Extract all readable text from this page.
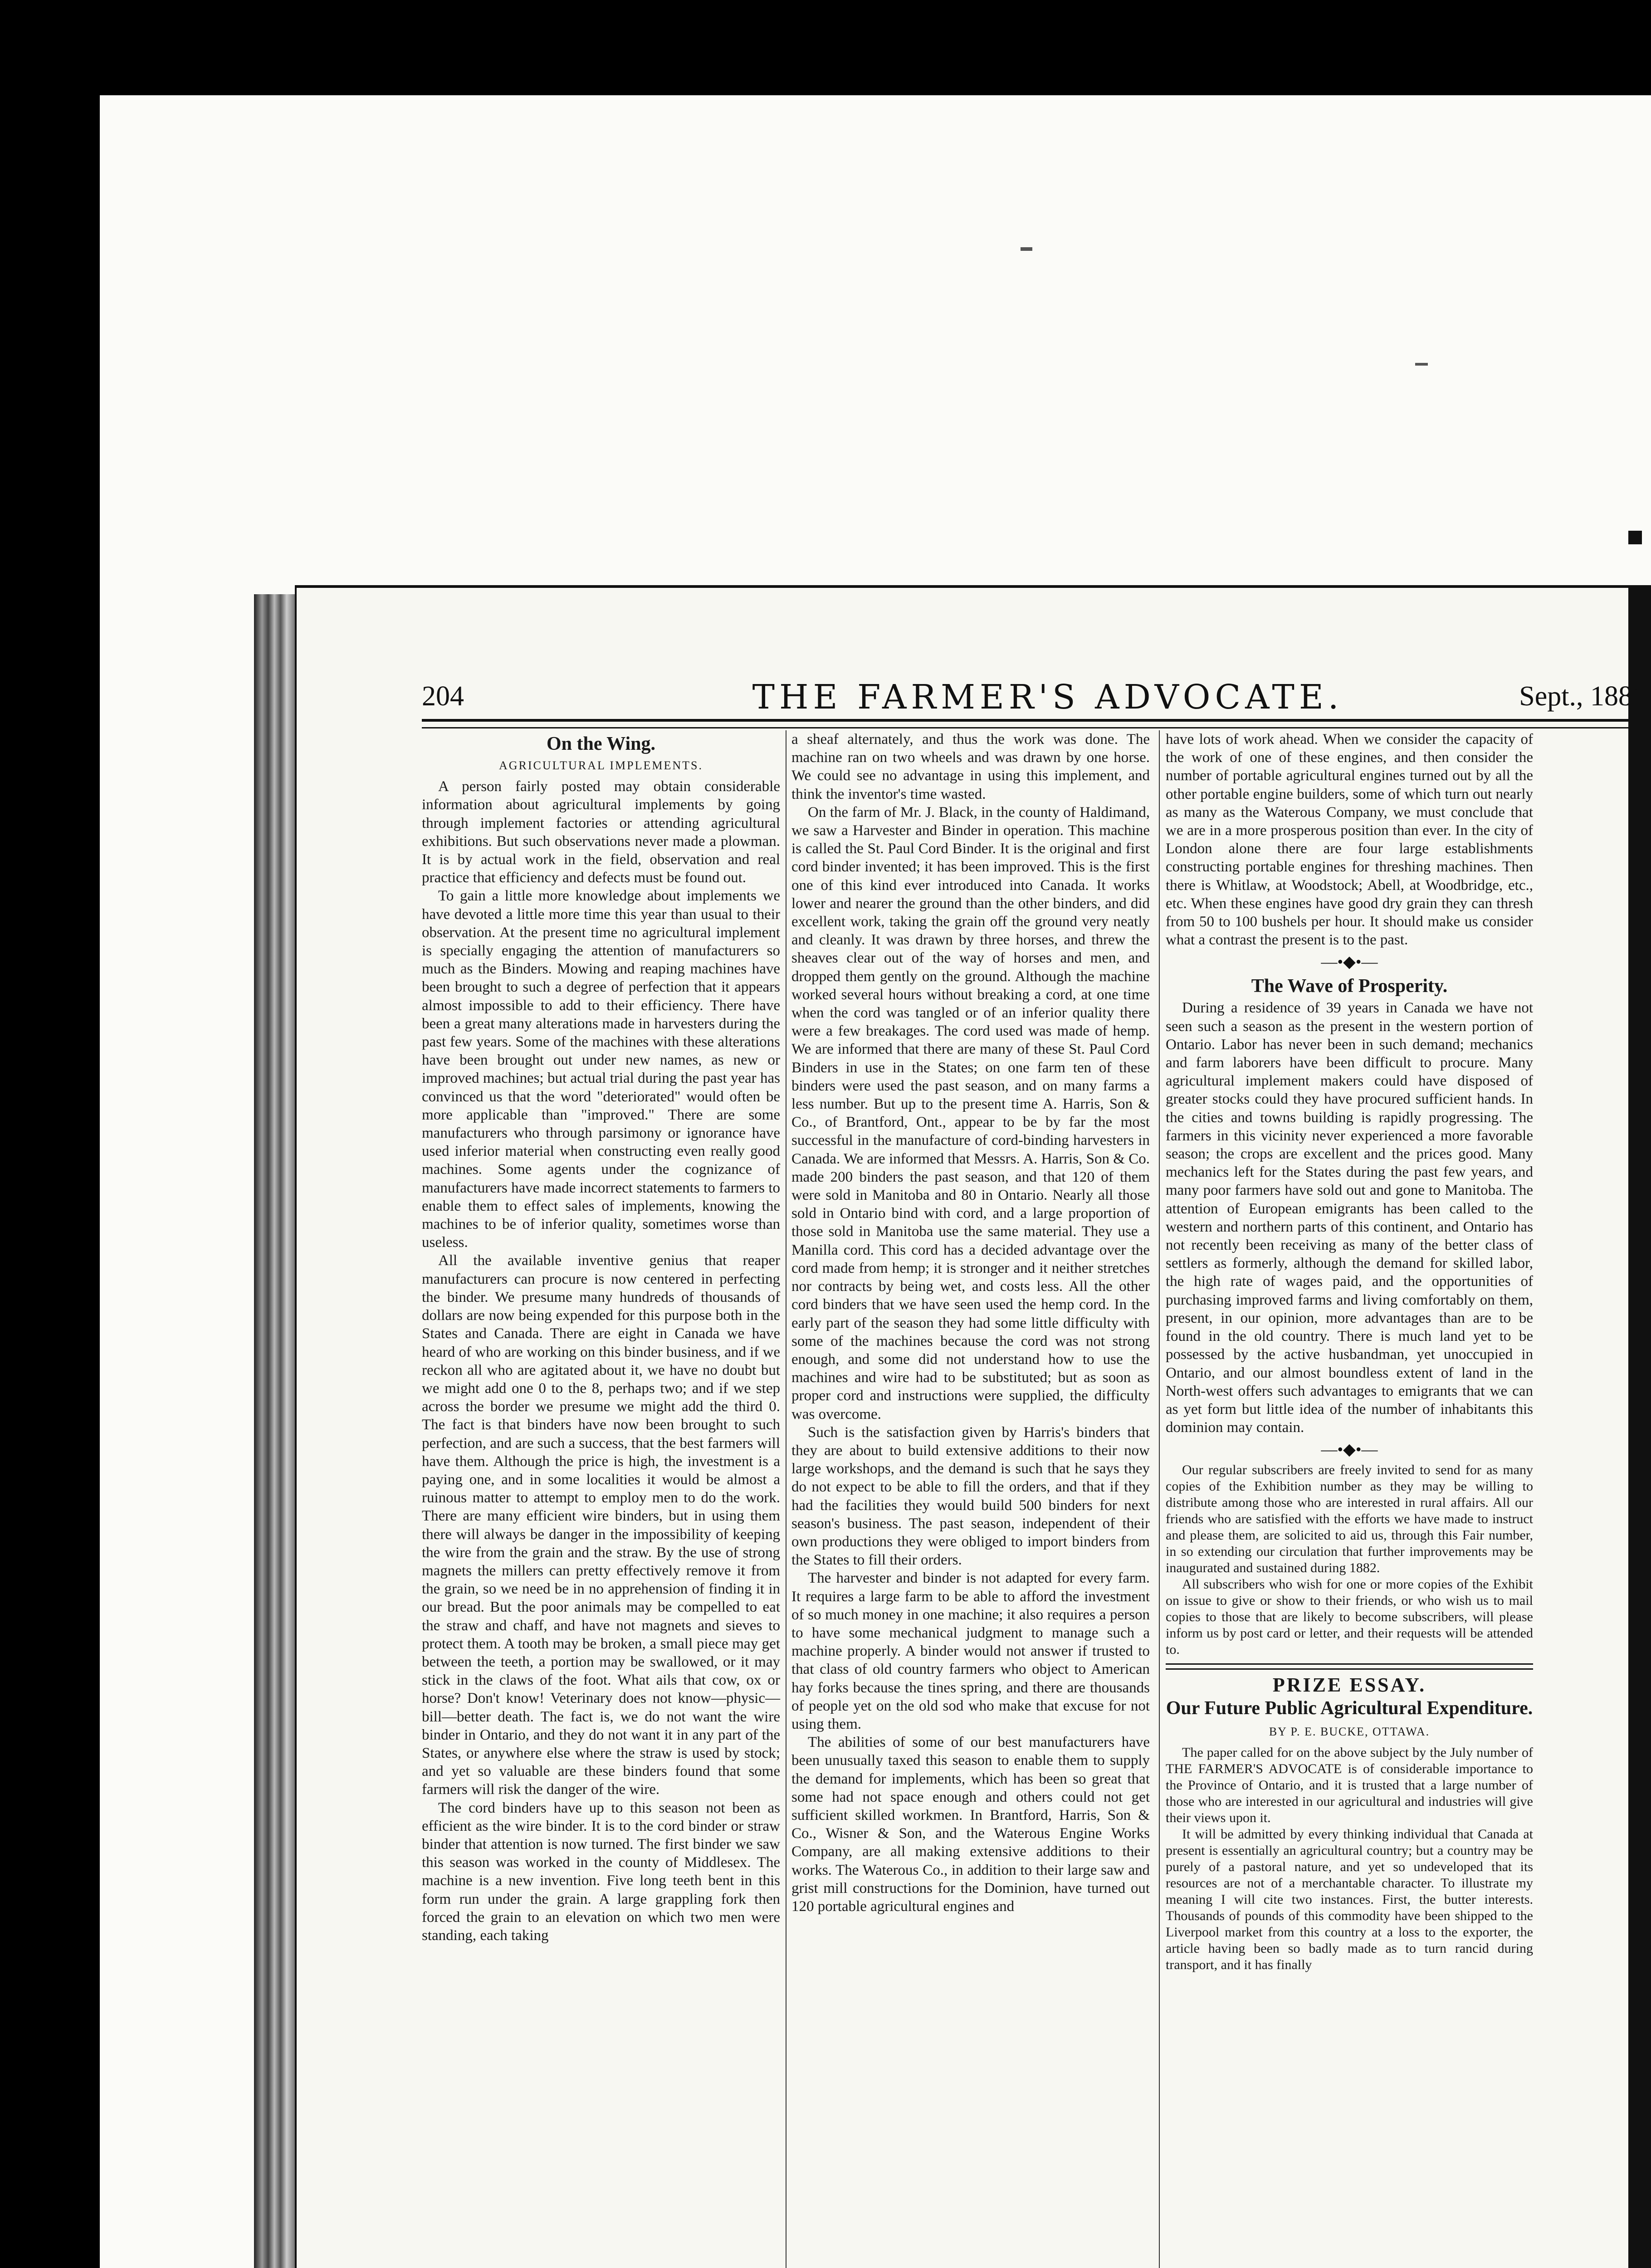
204	THE FARMER'S ADVOCATE.	Sept., 1881
On the Wing.
AGRICULTURAL IMPLEMENTS.

A person fairly posted may obtain considerable information about agricultural implements by going through implement factories or attending agricultural exhibitions. But such observations never made a plowman. It is by actual work in the field, observation and real practice that efficiency and defects must be found out.

To gain a little more knowledge about implements we have devoted a little more time this year than usual to their observation. At the present time no agricultural implement is specially engaging the attention of manufacturers so much as the Binders. Mowing and reaping machines have been brought to such a degree of perfection that it appears almost impossible to add to their efficiency. There have been a great many alterations made in harvesters during the past few years. Some of the machines with these alterations have been brought out under new names, as new or improved machines; but actual trial during the past year has convinced us that the word "deteriorated" would often be more applicable than "improved." There are some manufacturers who through parsimony or ignorance have used inferior material when constructing even really good machines. Some agents under the cognizance of manufacturers have made incorrect statements to farmers to enable them to effect sales of implements, knowing the machines to be of inferior quality, sometimes worse than useless.

All the available inventive genius that reaper manufacturers can procure is now centered in perfecting the binder. We presume many hundreds of thousands of dollars are now being expended for this purpose both in the States and Canada. There are eight in Canada we have heard of who are working on this binder business, and if we reckon all who are agitated about it, we have no doubt but we might add one 0 to the 8, perhaps two; and if we step across the border we presume we might add the third 0. The fact is that binders have now been brought to such perfection, and are such a success, that the best farmers will have them. Although the price is high, the investment is a paying one, and in some localities it would be almost a ruinous matter to attempt to employ men to do the work. There are many efficient wire binders, but in using them there will always be danger in the impossibility of keeping the wire from the grain and the straw. By the use of strong magnets the millers can pretty effectively remove it from the grain, so we need be in no apprehension of finding it in our bread. But the poor animals may be compelled to eat the straw and chaff, and have not magnets and sieves to protect them. A tooth may be broken, a small piece may get between the teeth, a portion may be swallowed, or it may stick in the claws of the foot. What ails that cow, ox or horse? Don't know! Veterinary does not know—physic—bill—better death. The fact is, we do not want the wire binder in Ontario, and they do not want it in any part of the States, or anywhere else where the straw is used by stock; and yet so valuable are these binders found that some farmers will risk the danger of the wire.

The cord binders have up to this season not been as efficient as the wire binder. It is to the cord binder or straw binder that attention is now turned. The first binder we saw this season was worked in the county of Middlesex. The machine is a new invention. Five long teeth bent in this form run under the grain. A large grappling fork then forced the grain to an elevation on which two men were standing, each taking

a sheaf alternately, and thus the work was done. The machine ran on two wheels and was drawn by one horse. We could see no advantage in using this implement, and think the inventor's time wasted.

On the farm of Mr. J. Black, in the county of Haldimand, we saw a Harvester and Binder in operation. This machine is called the St. Paul Cord Binder. It is the original and first cord binder invented; it has been improved. This is the first one of this kind ever introduced into Canada. It works lower and nearer the ground than the other binders, and did excellent work, taking the grain off the ground very neatly and cleanly. It was drawn by three horses, and threw the sheaves clear out of the way of horses and men, and dropped them gently on the ground. Although the machine worked several hours without breaking a cord, at one time when the cord was tangled or of an inferior quality there were a few breakages. The cord used was made of hemp. We are informed that there are many of these St. Paul Cord Binders in use in the States; on one farm ten of these binders were used the past season, and on many farms a less number. But up to the present time A. Harris, Son & Co., of Brantford, Ont., appear to be by far the most successful in the manufacture of cord-binding harvesters in Canada. We are informed that Messrs. A. Harris, Son & Co. made 200 binders the past season, and that 120 of them were sold in Manitoba and 80 in Ontario. Nearly all those sold in Ontario bind with cord, and a large proportion of those sold in Manitoba use the same material. They use a Manilla cord. This cord has a decided advantage over the cord made from hemp; it is stronger and it neither stretches nor contracts by being wet, and costs less. All the other cord binders that we have seen used the hemp cord. In the early part of the season they had some little difficulty with some of the machines because the cord was not strong enough, and some did not understand how to use the machines and wire had to be substituted; but as soon as proper cord and instructions were supplied, the difficulty was overcome.

Such is the satisfaction given by Harris's binders that they are about to build extensive additions to their now large workshops, and the demand is such that he says they do not expect to be able to fill the orders, and that if they had the facilities they would build 500 binders for next season's business. The past season, independent of their own productions they were obliged to import binders from the States to fill their orders.

The harvester and binder is not adapted for every farm. It requires a large farm to be able to afford the investment of so much money in one machine; it also requires a person to have some mechanical judgment to manage such a machine properly. A binder would not answer if trusted to that class of old country farmers who object to American hay forks because the tines spring, and there are thousands of people yet on the old sod who make that excuse for not using them.

The abilities of some of our best manufacturers have been unusually taxed this season to enable them to supply the demand for implements, which has been so great that some had not space enough and others could not get sufficient skilled workmen. In Brantford, Harris, Son & Co., Wisner & Son, and the Waterous Engine Works Company, are all making extensive additions to their works. The Waterous Co., in addition to their large saw and grist mill constructions for the Dominion, have turned out 120 portable agricultural engines and

have lots of work ahead. When we consider the capacity of the work of one of these engines, and then consider the number of portable agricultural engines turned out by all the other portable engine builders, some of which turn out nearly as many as the Waterous Company, we must conclude that we are in a more prosperous position than ever. In the city of London alone there are four large establishments constructing portable engines for threshing machines. Then there is Whitlaw, at Woodstock; Abell, at Woodbridge, etc., etc. When these engines have good dry grain they can thresh from 50 to 100 bushels per hour. It should make us consider what a contrast the present is to the past.

—•◆•—
The Wave of Prosperity.

During a residence of 39 years in Canada we have not seen such a season as the present in the western portion of Ontario. Labor has never been in such demand; mechanics and farm laborers have been difficult to procure. Many agricultural implement makers could have disposed of greater stocks could they have procured sufficient hands. In the cities and towns building is rapidly progressing. The farmers in this vicinity never experienced a more favorable season; the crops are excellent and the prices good. Many mechanics left for the States during the past few years, and many poor farmers have sold out and gone to Manitoba. The attention of European emigrants has been called to the western and northern parts of this continent, and Ontario has not recently been receiving as many of the better class of settlers as formerly, although the demand for skilled labor, the high rate of wages paid, and the opportunities of purchasing improved farms and living comfortably on them, present, in our opinion, more advantages than are to be found in the old country. There is much land yet to be possessed by the active husbandman, yet unoccupied in Ontario, and our almost boundless extent of land in the North-west offers such advantages to emigrants that we can as yet form but little idea of the number of inhabitants this dominion may contain.

—•◆•—

Our regular subscribers are freely invited to send for as many copies of the Exhibition number as they may be willing to distribute among those who are interested in rural affairs. All our friends who are satisfied with the efforts we have made to instruct and please them, are solicited to aid us, through this Fair number, in so extending our circulation that further improvements may be inaugurated and sustained during 1882.

All subscribers who wish for one or more copies of the Exhibit on issue to give or show to their friends, or who wish us to mail copies to those that are likely to become subscribers, will please inform us by post card or letter, and their requests will be attended to.

PRIZE ESSAY.
Our Future Public Agricultural Expenditure.
BY P. E. BUCKE, OTTAWA.

The paper called for on the above subject by the July number of THE FARMER'S ADVOCATE is of considerable importance to the Province of Ontario, and it is trusted that a large number of those who are interested in our agricultural and industries will give their views upon it.

It will be admitted by every thinking individual that Canada at present is essentially an agricultural country; but a country may be purely of a pastoral nature, and yet so undeveloped that its resources are not of a merchantable character. To illustrate my meaning I will cite two instances. First, the butter interests. Thousands of pounds of this commodity have been shipped to the Liverpool market from this country at a loss to the exporter, the article having been so badly made as to turn rancid during transport, and it has finally
